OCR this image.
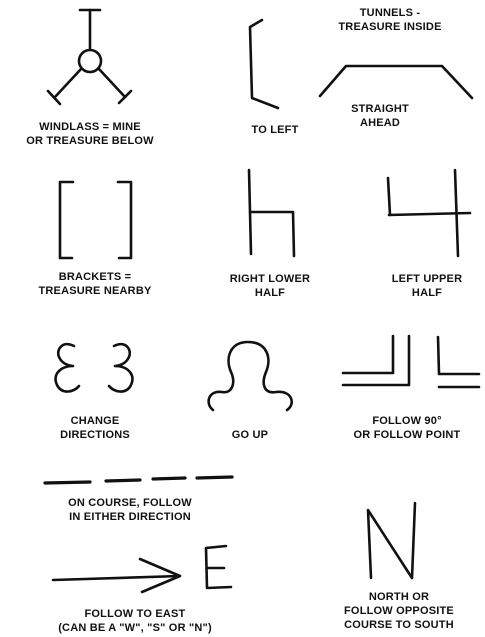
WINDLASS = MINE
OR TREASURE BELOW
TO LEFT
TUNNELS -
TREASURE INSIDE
STRAIGHT
AHEAD
BRACKETS =
TREASURE NEARBY
RIGHT LOWER
HALF
LEFT UPPER
HALF
CHANGE
DIRECTIONS	GO UP
FOLLOW 90°
OR FOLLOW POINT
ON COURSE, FOLLOW
IN EITHER DIRECTION
FOLLOW TO EAST
(CAN BE A "W", "S" OR "N")
NORTH OR
FOLLOW OPPOSITE
COURSE TO SOUTH
